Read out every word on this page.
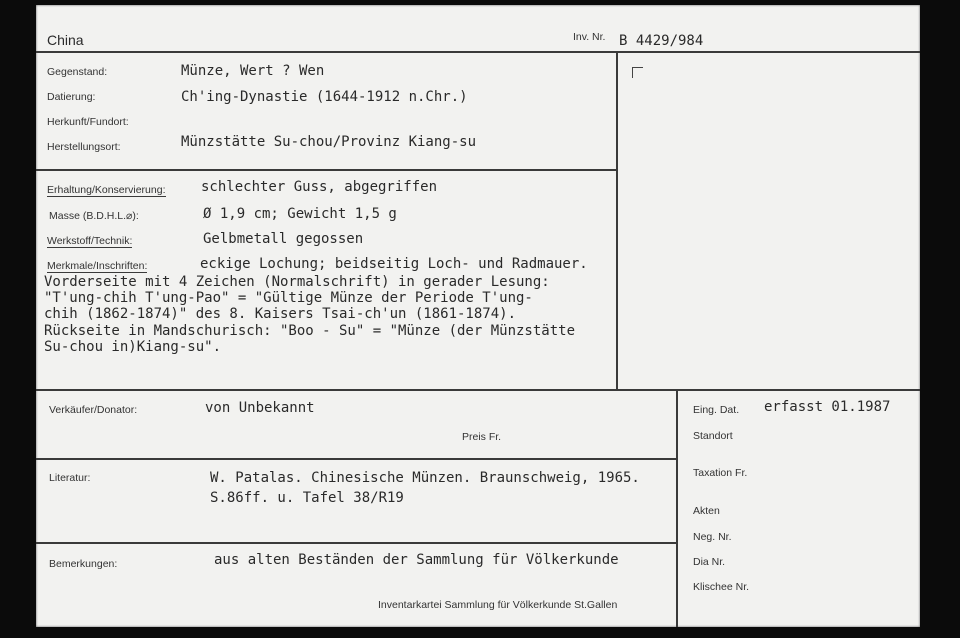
China	Inv. Nr. B 4429/984
Gegenstand:	Münze, Wert ? Wen
Datierung:	Ch'ing-Dynastie (1644-1912 n.Chr.)
Herkunft/Fundort:
Herstellungsort:	Münzstätte Su-chou/Provinz Kiang-su
Erhaltung/Konservierung:	schlechter Guss, abgegriffen
Masse (B.D.H.L.⌀):	Ø 1,9 cm; Gewicht 1,5 g
Werkstoff/Technik:	Gelbmetall gegossen
Merkmale/Inschriften:	eckige Lochung; beidseitig Loch- und Radmauer.
Vorderseite mit 4 Zeichen (Normalschrift) in gerader Lesung:
"T'ung-chih T'ung-Pao" = "Gültige Münze der Periode T'ung-
chih (1862-1874)" des 8. Kaisers Tsai-ch'un (1861-1874).
Rückseite in Mandschurisch: "Boo - Su" = "Münze (der Münzstätte
Su-chou in)Kiang-su".
Verkäufer/Donator:	von Unbekannt
Preis Fr.
Literatur:	W. Patalas. Chinesische Münzen. Braunschweig, 1965.
S.86ff. u. Tafel 38/R19
Bemerkungen:	aus alten Beständen der Sammlung für Völkerkunde
Inventarkartei Sammlung für Völkerkunde St.Gallen
Eing. Dat. erfasst 01.1987
Standort
Taxation Fr.
Akten
Neg. Nr.
Dia Nr.
Klischee Nr.
